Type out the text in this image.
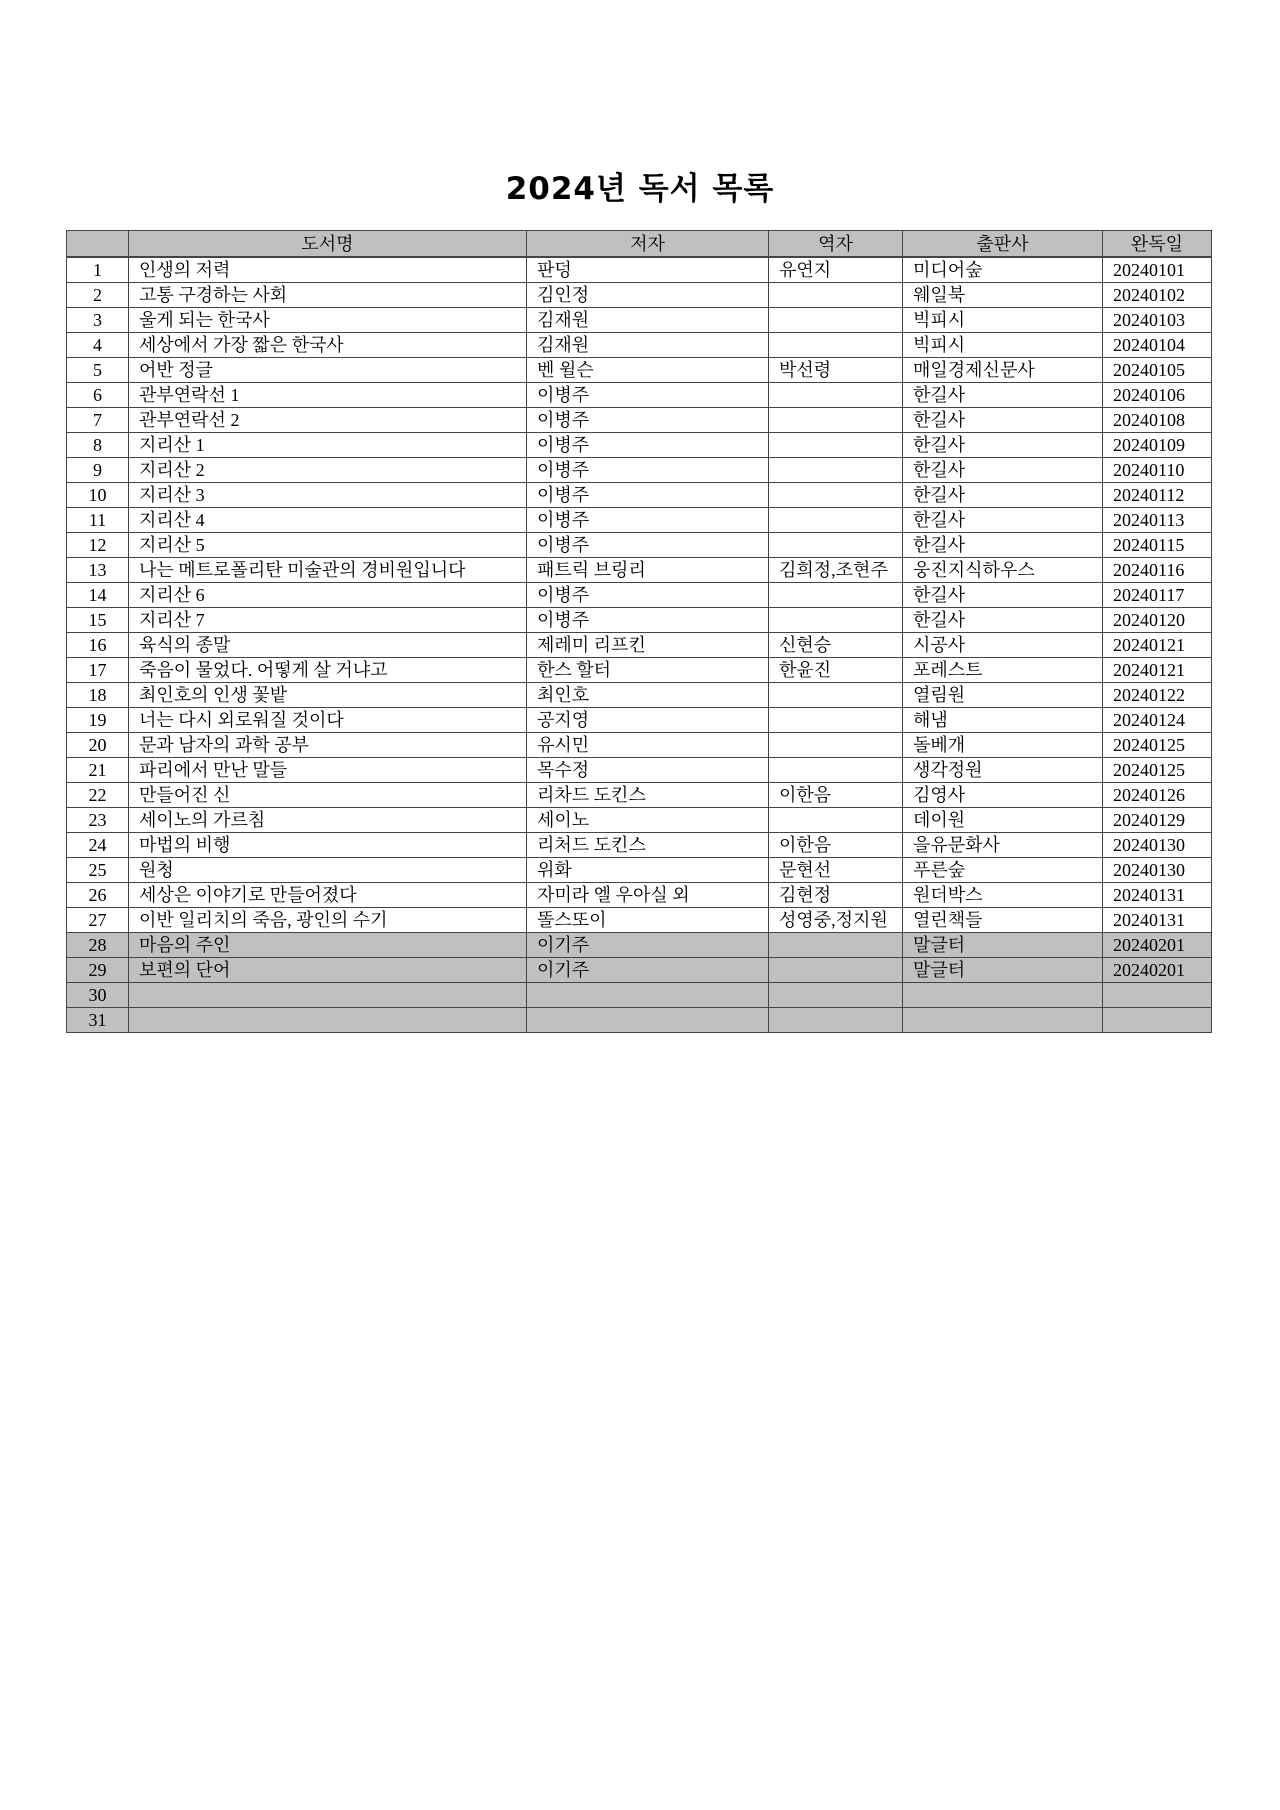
2024년 독서 목록
	도서명	저자	역자	출판사	완독일
1	인생의 저력	판덩	유연지	미디어숲	20240101
2	고통 구경하는 사회	김인정		웨일북	20240102
3	울게 되는 한국사	김재원		빅피시	20240103
4	세상에서 가장 짧은 한국사	김재원		빅피시	20240104
5	어반 정글	벤 윌슨	박선령	매일경제신문사	20240105
6	관부연락선 1	이병주		한길사	20240106
7	관부연락선 2	이병주		한길사	20240108
8	지리산 1	이병주		한길사	20240109
9	지리산 2	이병주		한길사	20240110
10	지리산 3	이병주		한길사	20240112
11	지리산 4	이병주		한길사	20240113
12	지리산 5	이병주		한길사	20240115
13	나는 메트로폴리탄 미술관의 경비원입니다	패트릭 브링리	김희정,조현주	웅진지식하우스	20240116
14	지리산 6	이병주		한길사	20240117
15	지리산 7	이병주		한길사	20240120
16	육식의 종말	제레미 리프킨	신현승	시공사	20240121
17	죽음이 물었다. 어떻게 살 거냐고	한스 할터	한윤진	포레스트	20240121
18	최인호의 인생 꽃밭	최인호		열림원	20240122
19	너는 다시 외로워질 것이다	공지영		해냄	20240124
20	문과 남자의 과학 공부	유시민		돌베개	20240125
21	파리에서 만난 말들	목수정		생각정원	20240125
22	만들어진 신	리차드 도킨스	이한음	김영사	20240126
23	세이노의 가르침	세이노		데이원	20240129
24	마법의 비행	리처드 도킨스	이한음	을유문화사	20240130
25	원청	위화	문현선	푸른숲	20240130
26	세상은 이야기로 만들어졌다	자미라 엘 우아실 외	김현정	원더박스	20240131
27	이반 일리치의 죽음, 광인의 수기	똘스또이	성영중,정지원	열린책들	20240131
28	마음의 주인	이기주		말글터	20240201
29	보편의 단어	이기주		말글터	20240201
30					
31					
